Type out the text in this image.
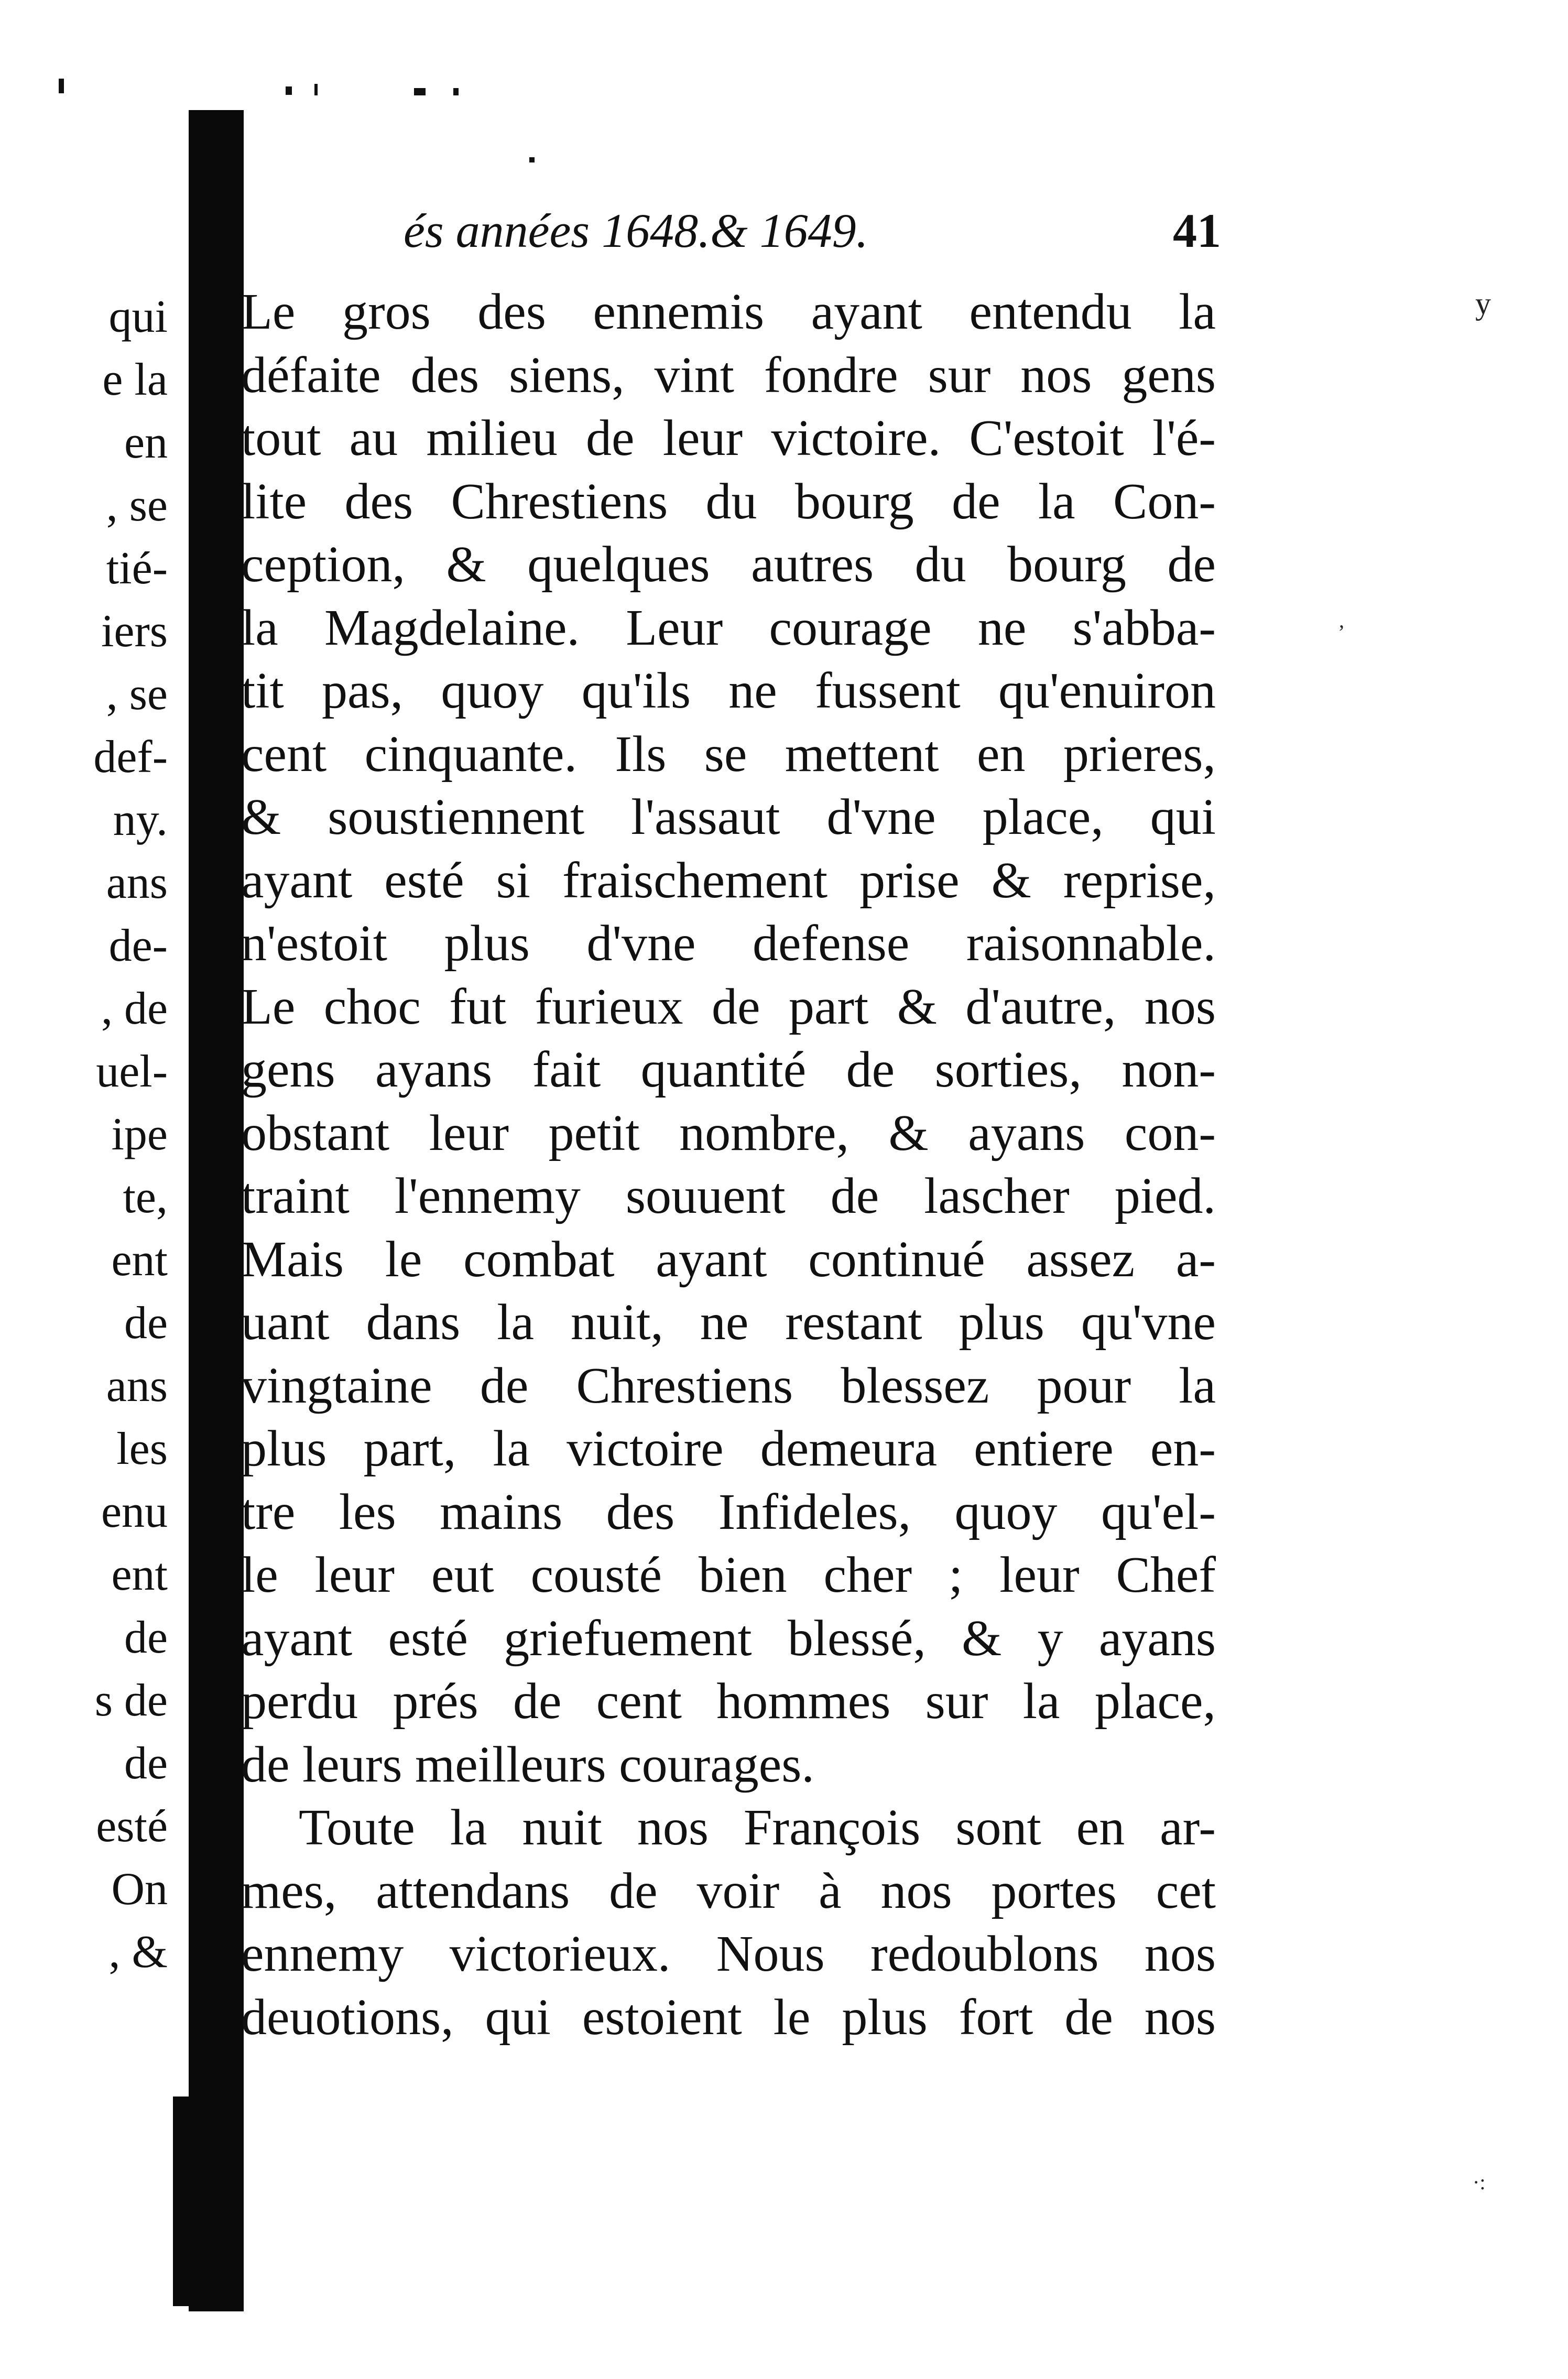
qui
e la
en
, se
tié-
iers
, se
def-
ny.
ans
de-
, de
uel-
ipe
te,
ent
de
ans
les
enu
ent
de
s de
de
esté
On
, &
és années 1648.& 1649.	41
Le gros des ennemis ayant entendu la
défaite des siens, vint fondre sur nos gens
tout au milieu de leur victoire. C'estoit l'é-
lite des Chrestiens du bourg de la Con-
ception, & quelques autres du bourg de
la Magdelaine. Leur courage ne s'abba-
tit pas, quoy qu'ils ne fussent qu'enuiron
cent cinquante. Ils se mettent en prieres,
& soustiennent l'assaut d'vne place, qui
ayant esté si fraischement prise & reprise,
n'estoit plus d'vne defense raisonnable.
Le choc fut furieux de part & d'autre, nos
gens ayans fait quantité de sorties, non-
obstant leur petit nombre, & ayans con-
traint l'ennemy souuent de lascher pied.
Mais le combat ayant continué assez a-
uant dans la nuit, ne restant plus qu'vne
vingtaine de Chrestiens blessez pour la
plus part, la victoire demeura entiere en-
tre les mains des Infideles, quoy qu'el-
le leur eut cousté bien cher ; leur Chef
ayant esté griefuement blessé, & y ayans
perdu prés de cent hommes sur la place,
de leurs meilleurs courages.
Toute la nuit nos François sont en ar-
mes, attendans de voir à nos portes cet
ennemy victorieux. Nous redoublons nos
deuotions, qui estoient le plus fort de nos
y
,
·:
